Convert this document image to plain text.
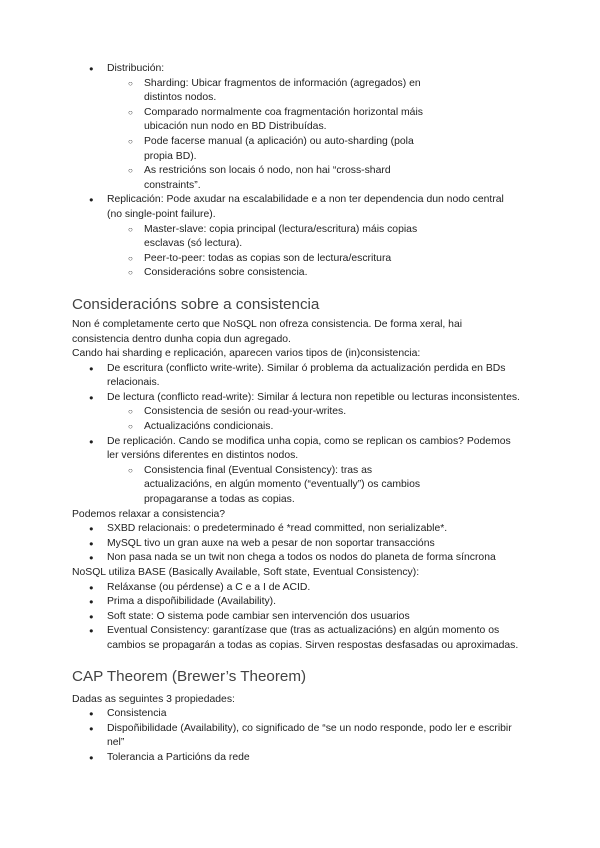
● Distribución:
○ Sharding: Ubicar fragmentos de información (agregados) en distintos nodos.
○ Comparado normalmente coa fragmentación horizontal máis ubicación nun nodo en BD Distribuídas.
○ Pode facerse manual (a aplicación) ou auto-sharding (pola propia BD).
○ As restricións son locais ó nodo, non hai “cross-shard constraints”.
● Replicación: Pode axudar na escalabilidade e a non ter dependencia dun nodo central (no single-point failure).
○ Master-slave: copia principal (lectura/escritura) máis copias esclavas (só lectura).
○ Peer-to-peer: todas as copias son de lectura/escritura
○ Consideracións sobre consistencia.
Consideracións sobre a consistencia

Non é completamente certo que NoSQL non ofreza consistencia. De forma xeral, hai consistencia dentro dunha copia dun agregado.

Cando hai sharding e replicación, aparecen varios tipos de (in)consistencia:

● De escritura (conflicto write-write). Similar ó problema da actualización perdida en BDs relacionais.
● De lectura (conflicto read-write): Similar á lectura non repetible ou lecturas inconsistentes.
○ Consistencia de sesión ou read-your-writes.
○ Actualizacións condicionais.
● De replicación. Cando se modifica unha copia, como se replican os cambios? Podemos ler versións diferentes en distintos nodos.
○ Consistencia final (Eventual Consistency): tras as actualizacións, en algún momento (“eventually”) os cambios propagaranse a todas as copias.

Podemos relaxar a consistencia?

● SXBD relacionais: o predeterminado é *read committed, non serializable*.
● MySQL tivo un gran auxe na web a pesar de non soportar transaccións
● Non pasa nada se un twit non chega a todos os nodos do planeta de forma síncrona

NoSQL utiliza BASE (Basically Available, Soft state, Eventual Consistency):

● Reláxanse (ou pérdense) a C e a I de ACID.
● Prima a dispoñibilidade (Availability).
● Soft state: O sistema pode cambiar sen intervención dos usuarios
● Eventual Consistency: garantízase que (tras as actualizacións) en algún momento os cambios se propagarán a todas as copias. Sirven respostas desfasadas ou aproximadas.
CAP Theorem (Brewer’s Theorem)

Dadas as seguintes 3 propiedades:

● Consistencia
● Dispoñibilidade (Availability), co significado de “se un nodo responde, podo ler e escribir nel”
● Tolerancia a Particións da rede
